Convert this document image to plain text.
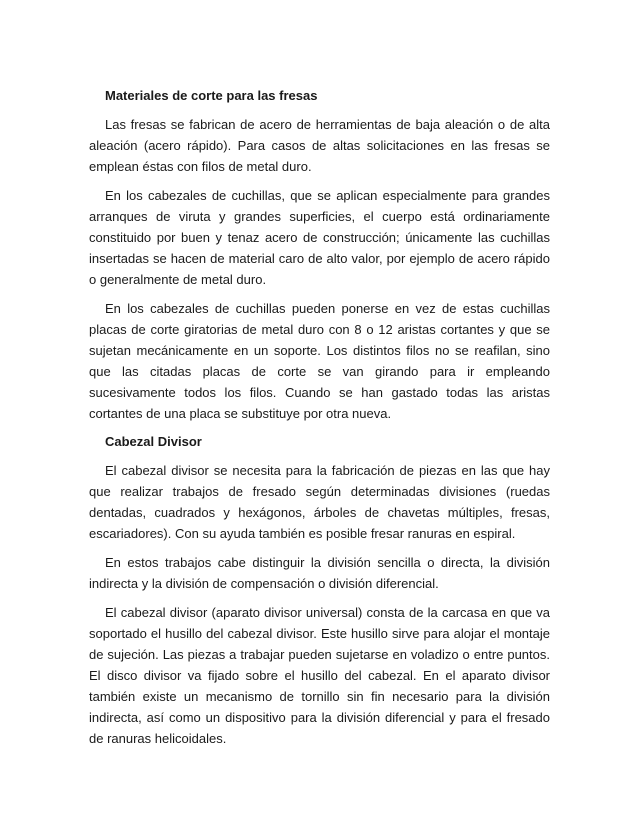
Materiales de corte para las fresas

Las fresas se fabrican de acero de herramientas de baja aleación o de alta aleación (acero rápido). Para casos de altas solicitaciones en las fresas se emplean éstas con filos de metal duro.

En los cabezales de cuchillas, que se aplican especialmente para grandes arranques de viruta y grandes superficies, el cuerpo está ordinariamente constituido por buen y tenaz acero de construcción; únicamente las cuchillas insertadas se hacen de material caro de alto valor, por ejemplo de acero rápido o generalmente de metal duro.

En los cabezales de cuchillas pueden ponerse en vez de estas cuchillas placas de corte giratorias de metal duro con 8 o 12 aristas cortantes y que se sujetan mecánicamente en un soporte. Los distintos filos no se reafilan, sino que las citadas placas de corte se van girando para ir empleando sucesivamente todos los filos. Cuando se han gastado todas las aristas cortantes de una placa se substituye por otra nueva.

Cabezal Divisor

El cabezal divisor se necesita para la fabricación de piezas en las que hay que realizar trabajos de fresado según determinadas divisiones (ruedas dentadas, cuadrados y hexágonos, árboles de chavetas múltiples, fresas, escariadores). Con su ayuda también es posible fresar ranuras en espiral.

En estos trabajos cabe distinguir la división sencilla o directa, la división indirecta y la división de compensación o división diferencial.

El cabezal divisor (aparato divisor universal) consta de la carcasa en que va soportado el husillo del cabezal divisor. Este husillo sirve para alojar el montaje de sujeción. Las piezas a trabajar pueden sujetarse en voladizo o entre puntos. El disco divisor va fijado sobre el husillo del cabezal. En el aparato divisor también existe un mecanismo de tornillo sin fin necesario para la división indirecta, así como un dispositivo para la división diferencial y para el fresado de ranuras helicoidales.
